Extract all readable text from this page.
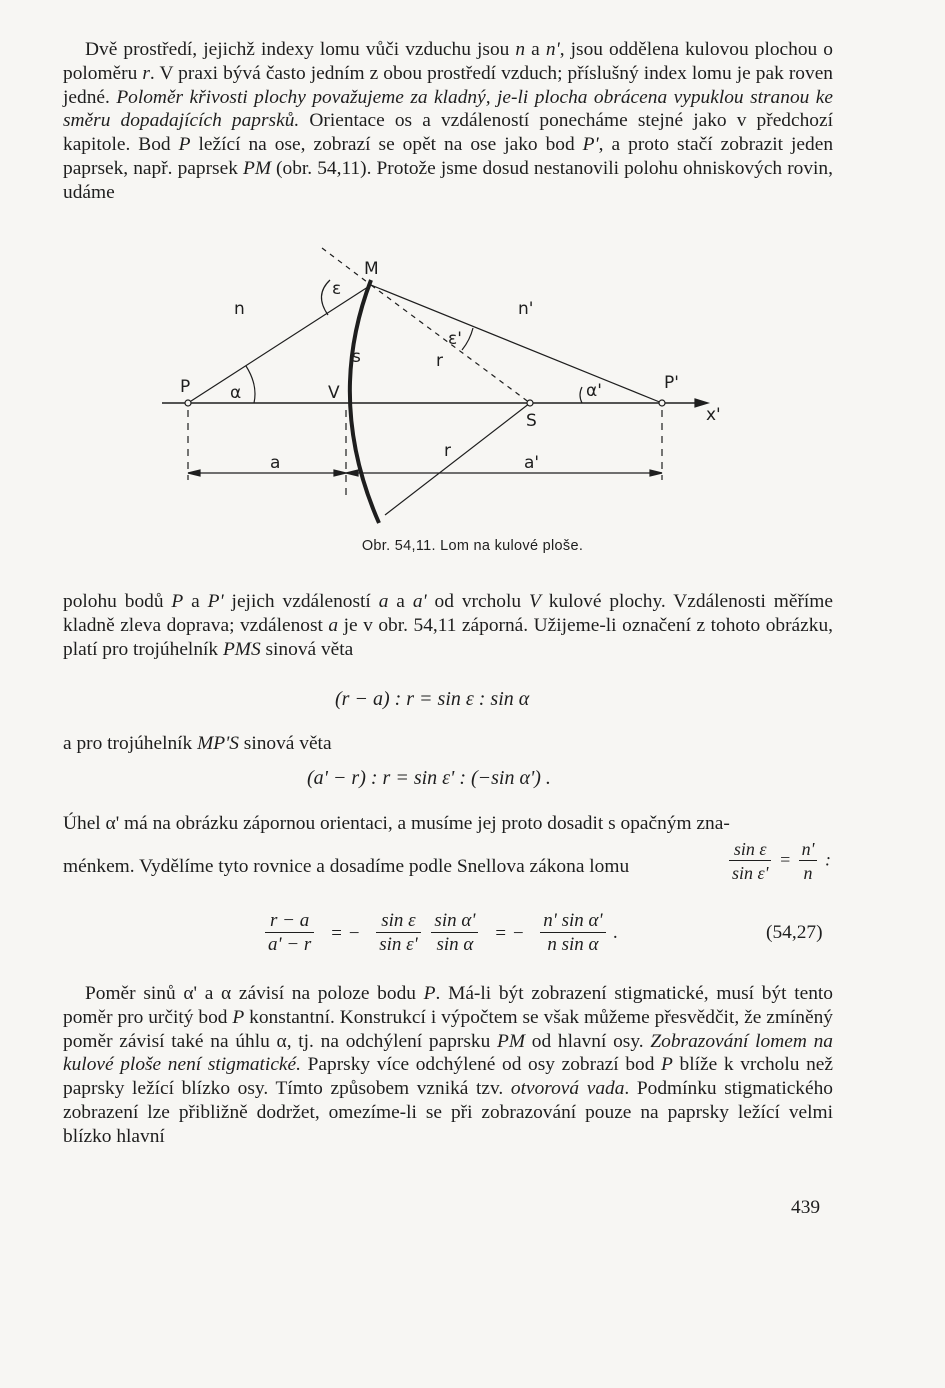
Dvě prostředí, jejichž indexy lomu vůči vzduchu jsou n a n', jsou oddělena kulovou plochou o poloměru r. V praxi bývá často jedním z obou prostředí vzduch; příslušný index lomu je pak roven jedné. Poloměr křivosti plochy považujeme za kladný, je-li plocha obrácena vypuklou stranou ke směru dopadajících paprsků. Orientace os a vzdáleností ponecháme stejné jako v předchozí kapitole. Bod P ležící na ose, zobrazí se opět na ose jako bod P', a proto stačí zobrazit jeden paprsek, např. paprsek PM (obr. 54,11). Protože jsme dosud nestanovili polohu ohniskových rovin, udáme

M
n	n'
ε
ε'
r
s
P α	V	α'	P'
x'
S
r
a	a'
Obr. 54,11. Lom na kulové ploše.

polohu bodů P a P' jejich vzdáleností a a a' od vrcholu V kulové plochy. Vzdálenosti měříme kladně zleva doprava; vzdálenost a je v obr. 54,11 záporná. Užijeme-li označení z tohoto obrázku, platí pro trojúhelník PMS sinová věta

(r − a) : r = sin ε : sin α
a pro trojúhelník MP'S sinová věta
(a' − r) : r = sin ε' : (−sin α') .
Úhel α' má na obrázku zápornou orientaci, a musíme jej proto dosadit s opačným zna-
ménkem. Vydělíme tyto rovnice a dosadíme podle Snellova zákona lomu	$\frac{\text{sin ε}}{\text{sin ε'}} = \frac{n'}{n}$ :
$\frac{r - a}{a' - r}$ = − $\frac{\text{sin ε}}{\text{sin ε'}}$
$\frac{\text{sin α'}}{\text{sin α}}$ = − $\frac{\text{n' sin α'}}{\text{n sin α}}$ .	(54,27)

Poměr sinů α' a α závisí na poloze bodu P. Má-li být zobrazení stigmatické, musí být tento poměr pro určitý bod P konstantní. Konstrukcí i výpočtem se však můžeme přesvědčit, že zmíněný poměr závisí také na úhlu α, tj. na odchýlení paprsku PM od hlavní osy. Zobrazování lomem na kulové ploše není stigmatické. Paprsky více odchýlené od osy zobrazí bod P blíže k vrcholu než paprsky ležící blízko osy. Tímto způsobem vzniká tzv. otvorová vada. Podmínku stigmatického zobrazení lze přibližně dodržet, omezíme-li se při zobrazování pouze na paprsky ležící velmi blízko hlavní

439
